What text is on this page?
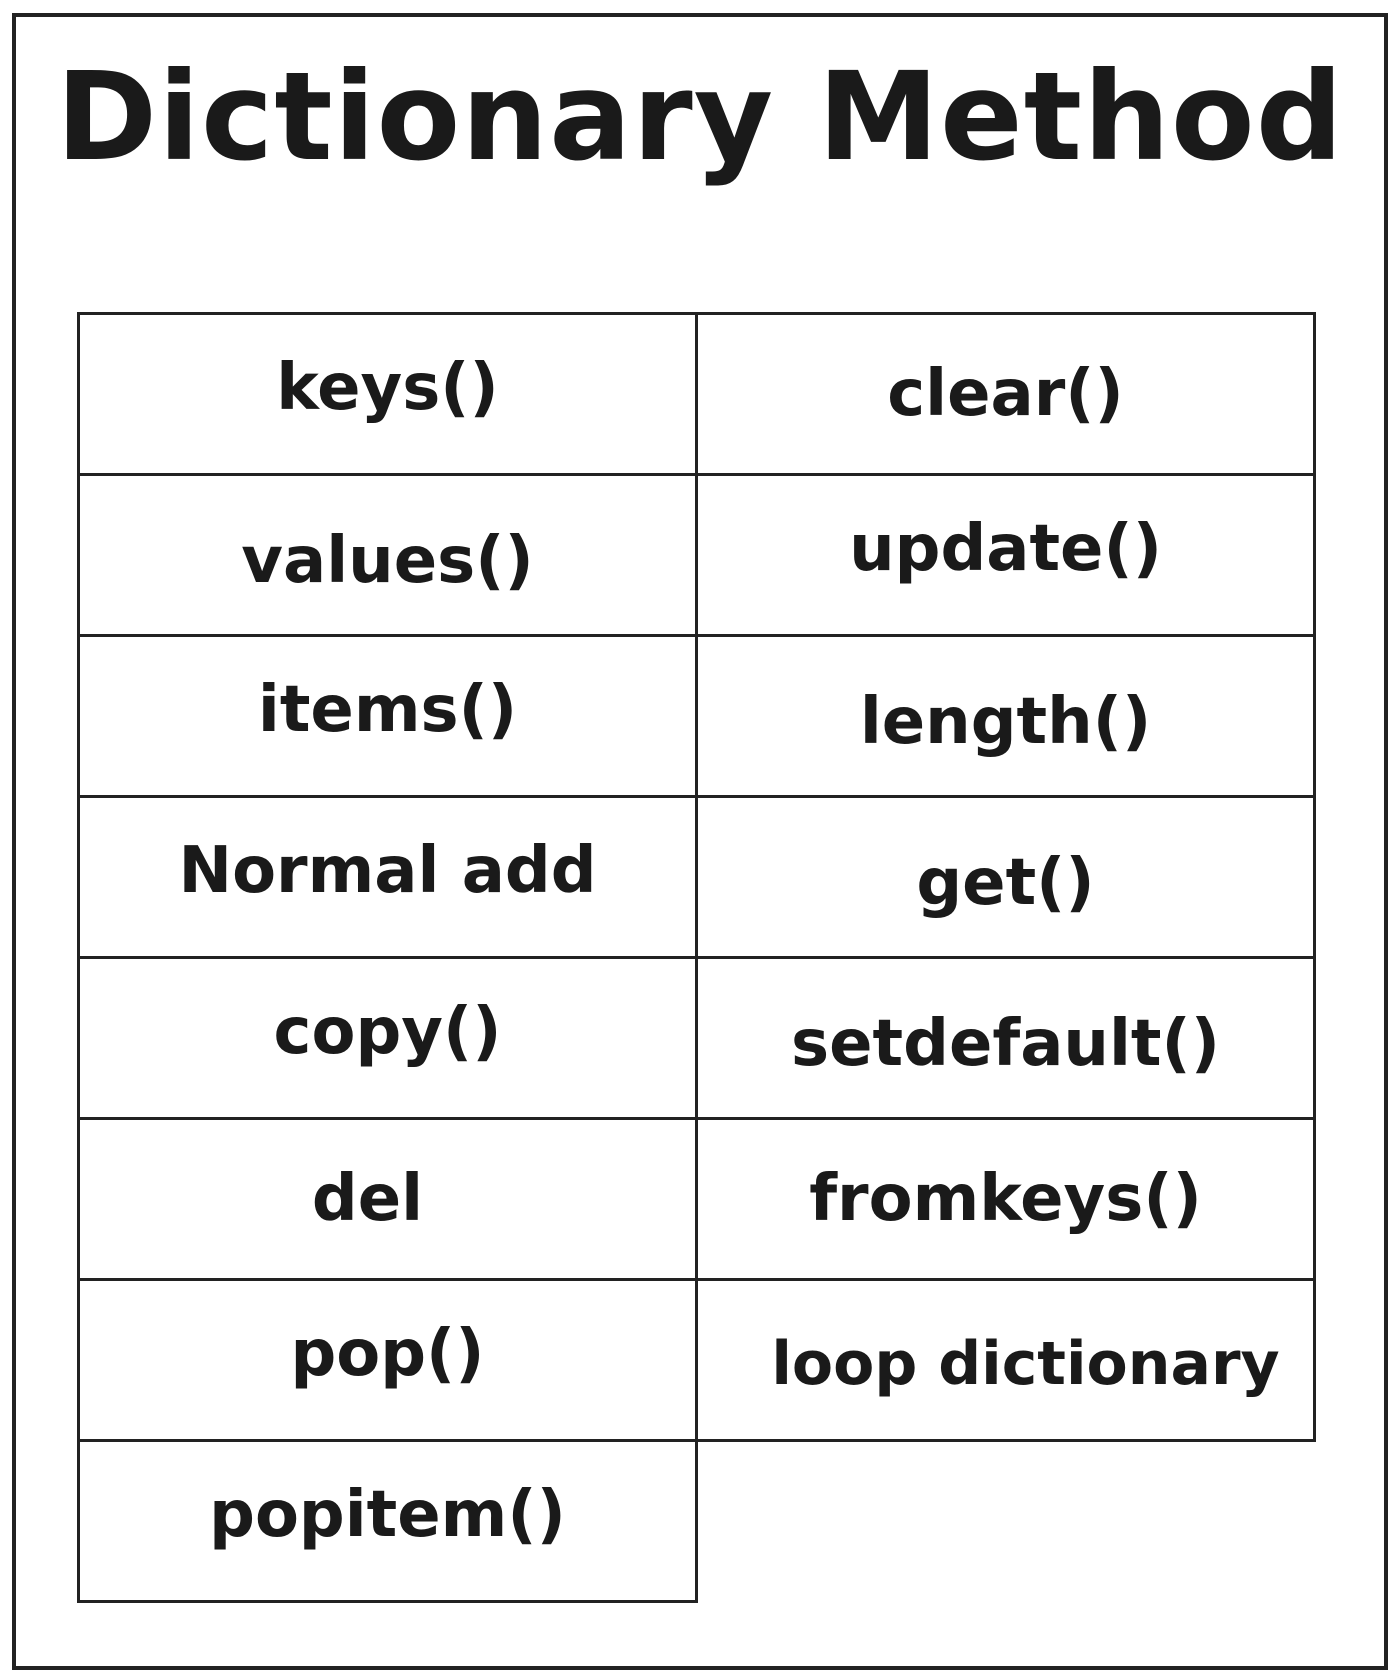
Dictionary Method
keys()
values()
items()
Normal add
copy()
del
pop()
popitem()
clear()
update()
length()
get()
setdefault()
fromkeys()
loop dictionary
